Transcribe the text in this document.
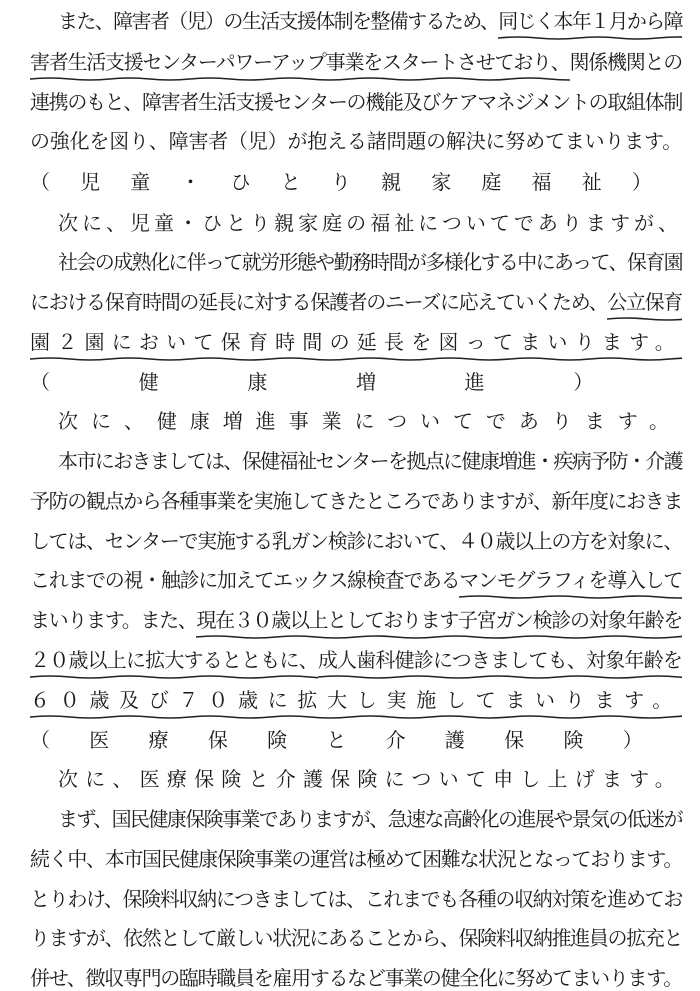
また、障害者（児）の生活支援体制を整備するため、同じく本年１月から障
害者生活支援センターパワーアップ事業をスタートさせており、
関係機関との
連携のもと、障害者生活支援センターの機能及びケアマネジメントの取組体制
の強化を図り、障害者（児）が抱える諸問題の解決に努めてまいります。
（児童・ひとり親家庭福祉）
次に、児童・ひとり親家庭の福祉についてでありますが、
社会の成熟化に伴って就労形態や勤務時間が多様化する中にあって、保育園
における保育時間の延長に対する保護者のニーズに応えていくため、公立保育
園２園において保育時間の延長を図ってまいります。
（健康増進）
次に、健康増進事業についてであります。
本市におきましては、保健福祉センターを拠点に健康増進・疾病予防・介護
予防の観点から各種事業を実施してきたところでありますが、新年度におきま
しては、センターで実施する乳ガン検診において、４０歳以上の方を対象に、
これまでの視・触診に加えてエックス線検査であるマンモグラフィを導入して
まいります。また、現在３０歳以上としております子宮ガン検診の対象年齢を
２０歳以上に拡大するとともに、
成人歯科健診につきましても、対象年齢を
６０歳及び７０歳に拡大し実施してまいります。
（医療保険と介護保険）
次に、医療保険と介護保険について申し上げます。
まず、国民健康保険事業でありますが、急速な高齢化の進展や景気の低迷が
続く中、本市国民健康保険事業の運営は極めて困難な状況となっております。
とりわけ、保険料収納につきましては、これまでも各種の収納対策を進めてお
りますが、依然として厳しい状況にあることから、保険料収納推進員の拡充と
併せ、徴収専門の臨時職員を雇用するなど事業の健全化に努めてまいります。
